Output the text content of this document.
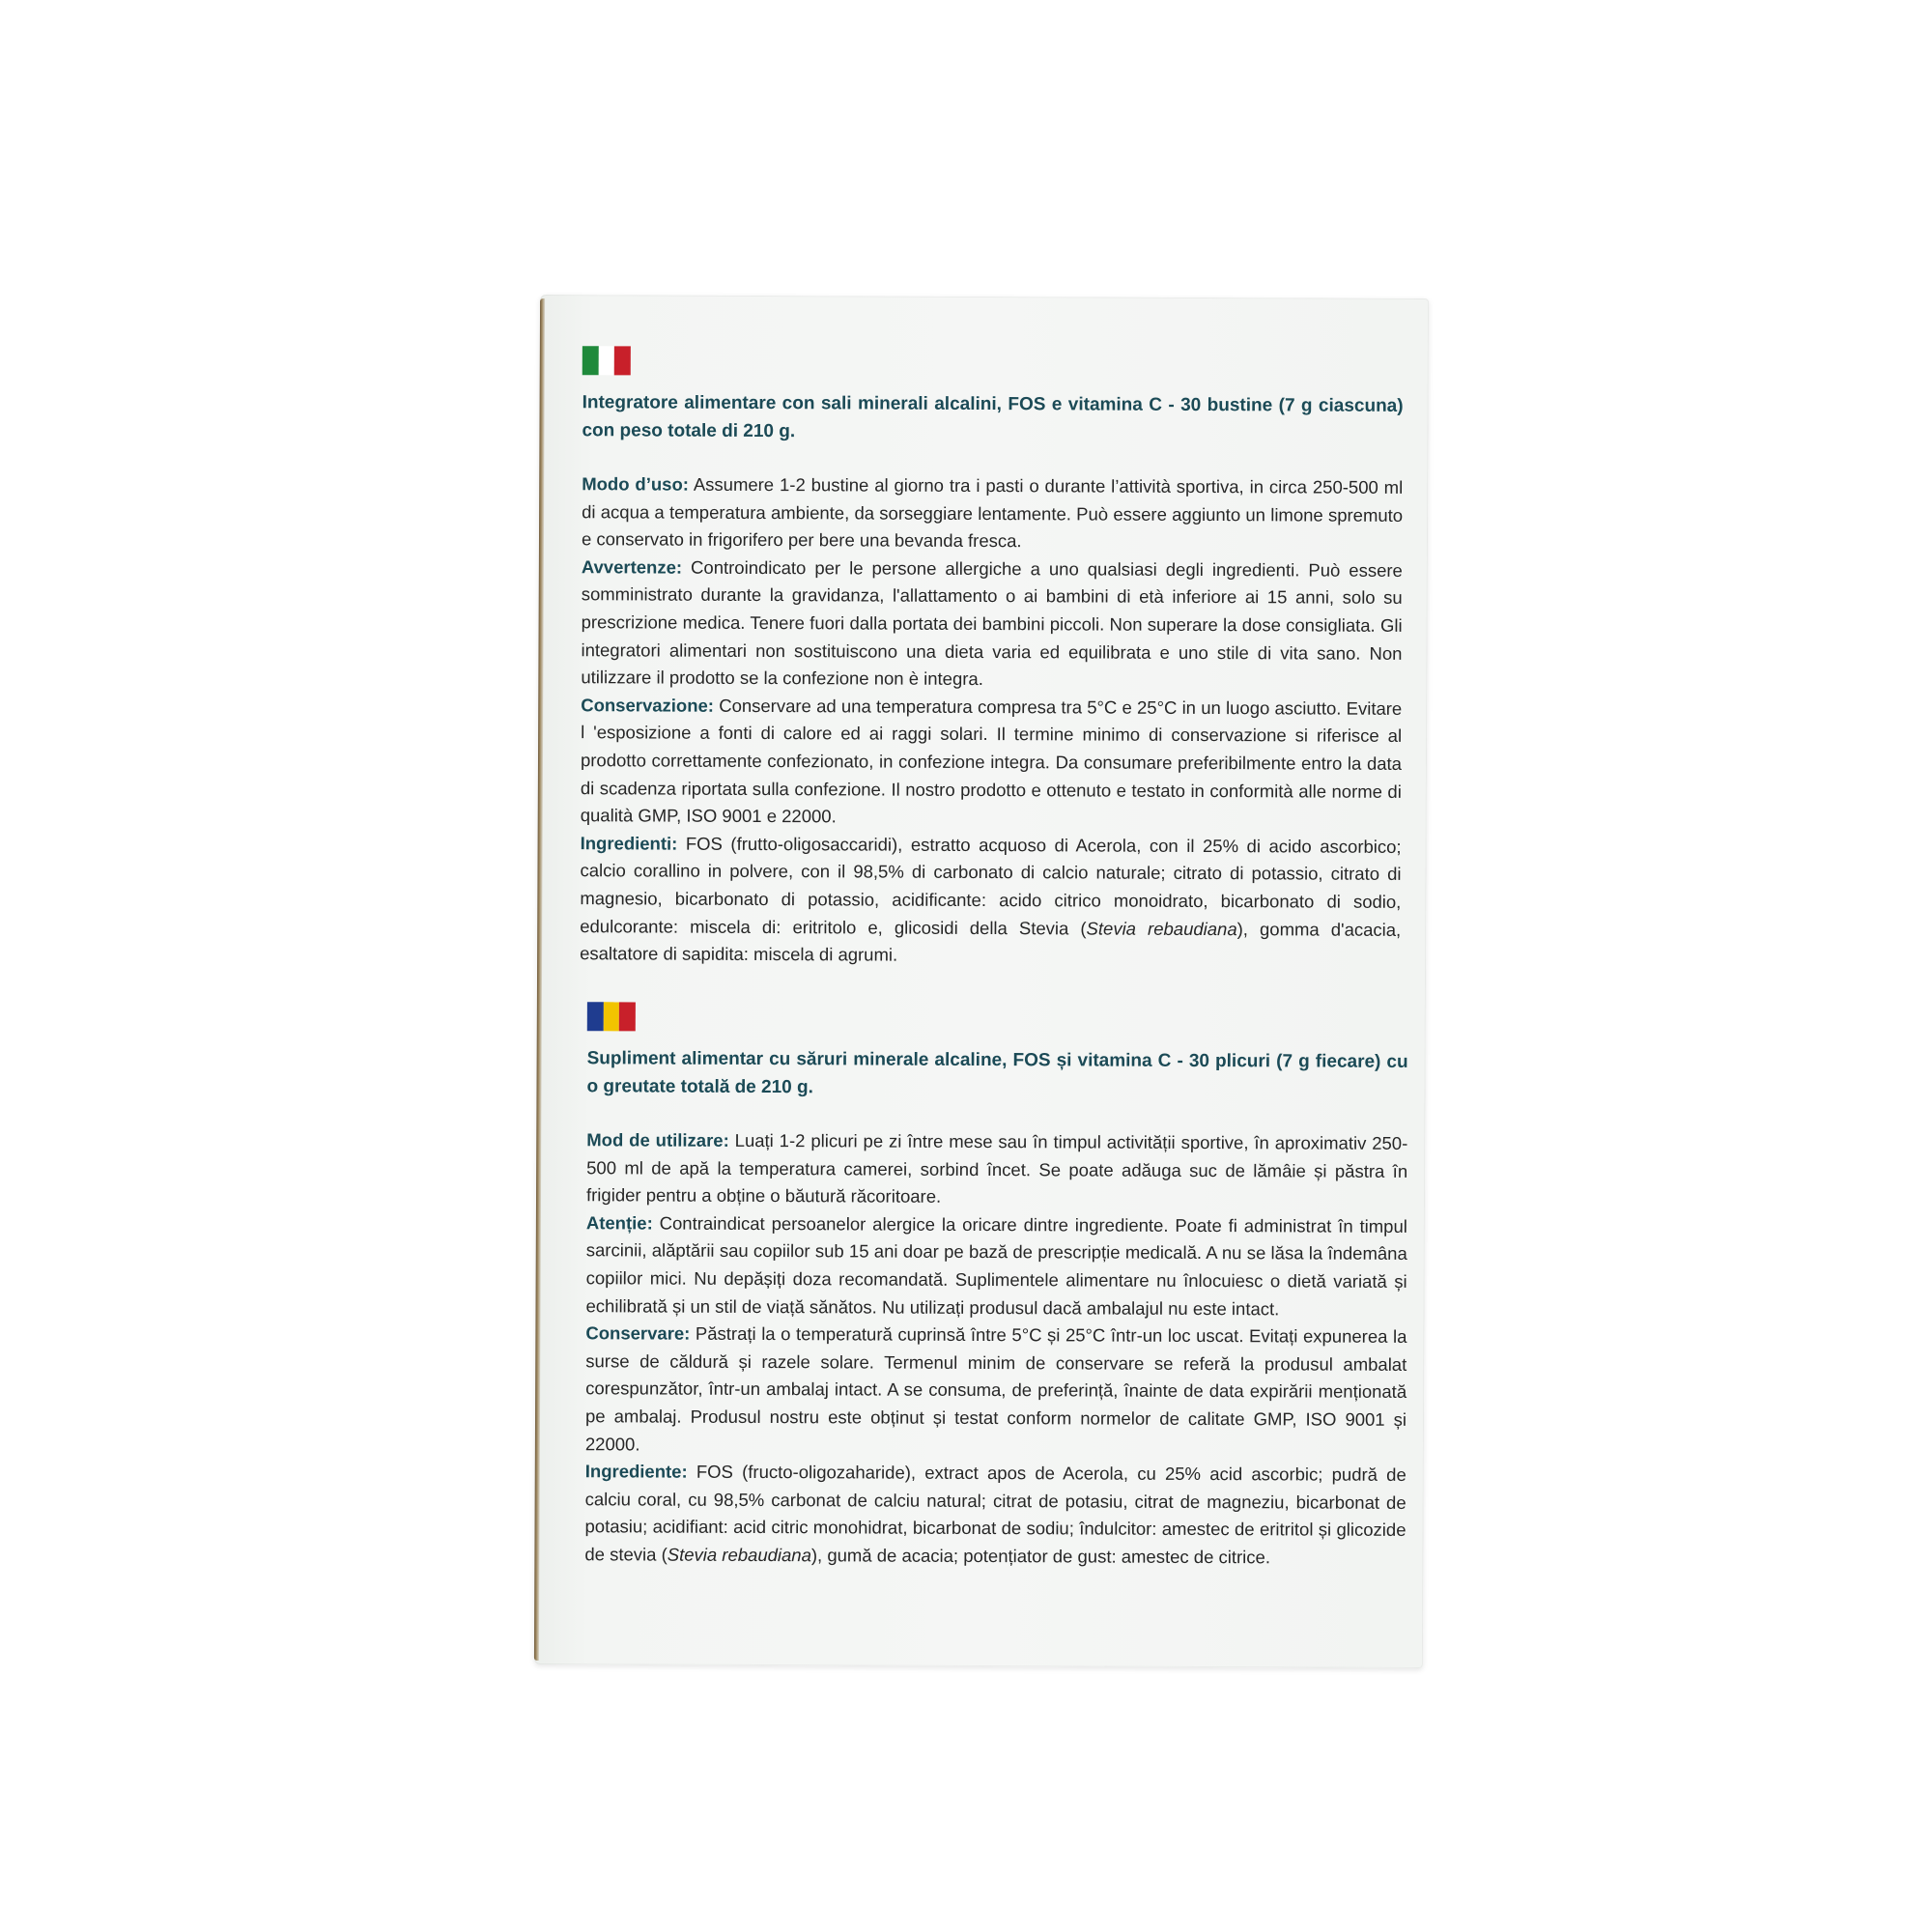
Integratore alimentare con sali minerali alcalini, FOS e vitamina C - 30 bustine (7 g ciascuna) con peso totale di 210 g.

Modo d’uso: Assumere 1-2 bustine al giorno tra i pasti o durante l’attività sportiva, in circa 250-500 ml di acqua a temperatura ambiente, da sorseggiare lentamente. Può essere aggiunto un limone spremuto e conservato in frigorifero per bere una bevanda fresca.

Avvertenze: Controindicato per le persone allergiche a uno qualsiasi degli ingredienti. Può essere somministrato durante la gravidanza, l'allattamento o ai bambini di età inferiore ai 15 anni, solo su prescrizione medica. Tenere fuori dalla portata dei bambini piccoli. Non superare la dose consigliata. Gli integratori alimentari non sostituiscono una dieta varia ed equilibrata e uno stile di vita sano. Non utilizzare il prodotto se la confezione non è integra.

Conservazione: Conservare ad una temperatura compresa tra 5°C e 25°C in un luogo asciutto. Evitare l 'esposizione a fonti di calore ed ai raggi solari. Il termine minimo di conservazione si riferisce al prodotto correttamente confezionato, in confezione integra. Da consumare preferibilmente entro la data di scadenza riportata sulla confezione. Il nostro prodotto e ottenuto e testato in conformità alle norme di qualità GMP, ISO 9001 e 22000.

Ingredienti: FOS (frutto-oligosaccaridi), estratto acquoso di Acerola, con il 25% di acido ascorbico; calcio corallino in polvere, con il 98,5% di carbonato di calcio naturale; citrato di potassio, citrato di magnesio, bicarbonato di potassio, acidificante: acido citrico monoidrato, bicarbonato di sodio, edulcorante: miscela di: eritritolo e, glicosidi della Stevia (Stevia rebaudiana), gomma d'acacia, esaltatore di sapidita: miscela di agrumi.

Supliment alimentar cu săruri minerale alcaline, FOS și vitamina C - 30 plicuri (7 g fiecare) cu o greutate totală de 210 g.

Mod de utilizare: Luați 1-2 plicuri pe zi între mese sau în timpul activității sportive, în aproximativ 250-500 ml de apă la temperatura camerei, sorbind încet. Se poate adăuga suc de lămâie și păstra în frigider pentru a obține o băutură răcoritoare.

Atenție: Contraindicat persoanelor alergice la oricare dintre ingrediente. Poate fi administrat în timpul sarcinii, alăptării sau copiilor sub 15 ani doar pe bază de prescripție medicală. A nu se lăsa la îndemâna copiilor mici. Nu depășiți doza recomandată. Suplimentele alimentare nu înlocuiesc o dietă variată și echilibrată și un stil de viață sănătos. Nu utilizați produsul dacă ambalajul nu este intact.

Conservare: Păstrați la o temperatură cuprinsă între 5°C și 25°C într-un loc uscat. Evitați expunerea la surse de căldură și razele solare. Termenul minim de conservare se referă la produsul ambalat corespunzător, într-un ambalaj intact. A se consuma, de preferință, înainte de data expirării menționată pe ambalaj. Produsul nostru este obținut și testat conform normelor de calitate GMP, ISO 9001 și 22000.

Ingrediente: FOS (fructo-oligozaharide), extract apos de Acerola, cu 25% acid ascorbic; pudră de calciu coral, cu 98,5% carbonat de calciu natural; citrat de potasiu, citrat de magneziu, bicarbonat de potasiu; acidifiant: acid citric monohidrat, bicarbonat de sodiu; îndulcitor: amestec de eritritol și glicozide de stevia (Stevia rebaudiana), gumă de acacia; potențiator de gust: amestec de citrice.
